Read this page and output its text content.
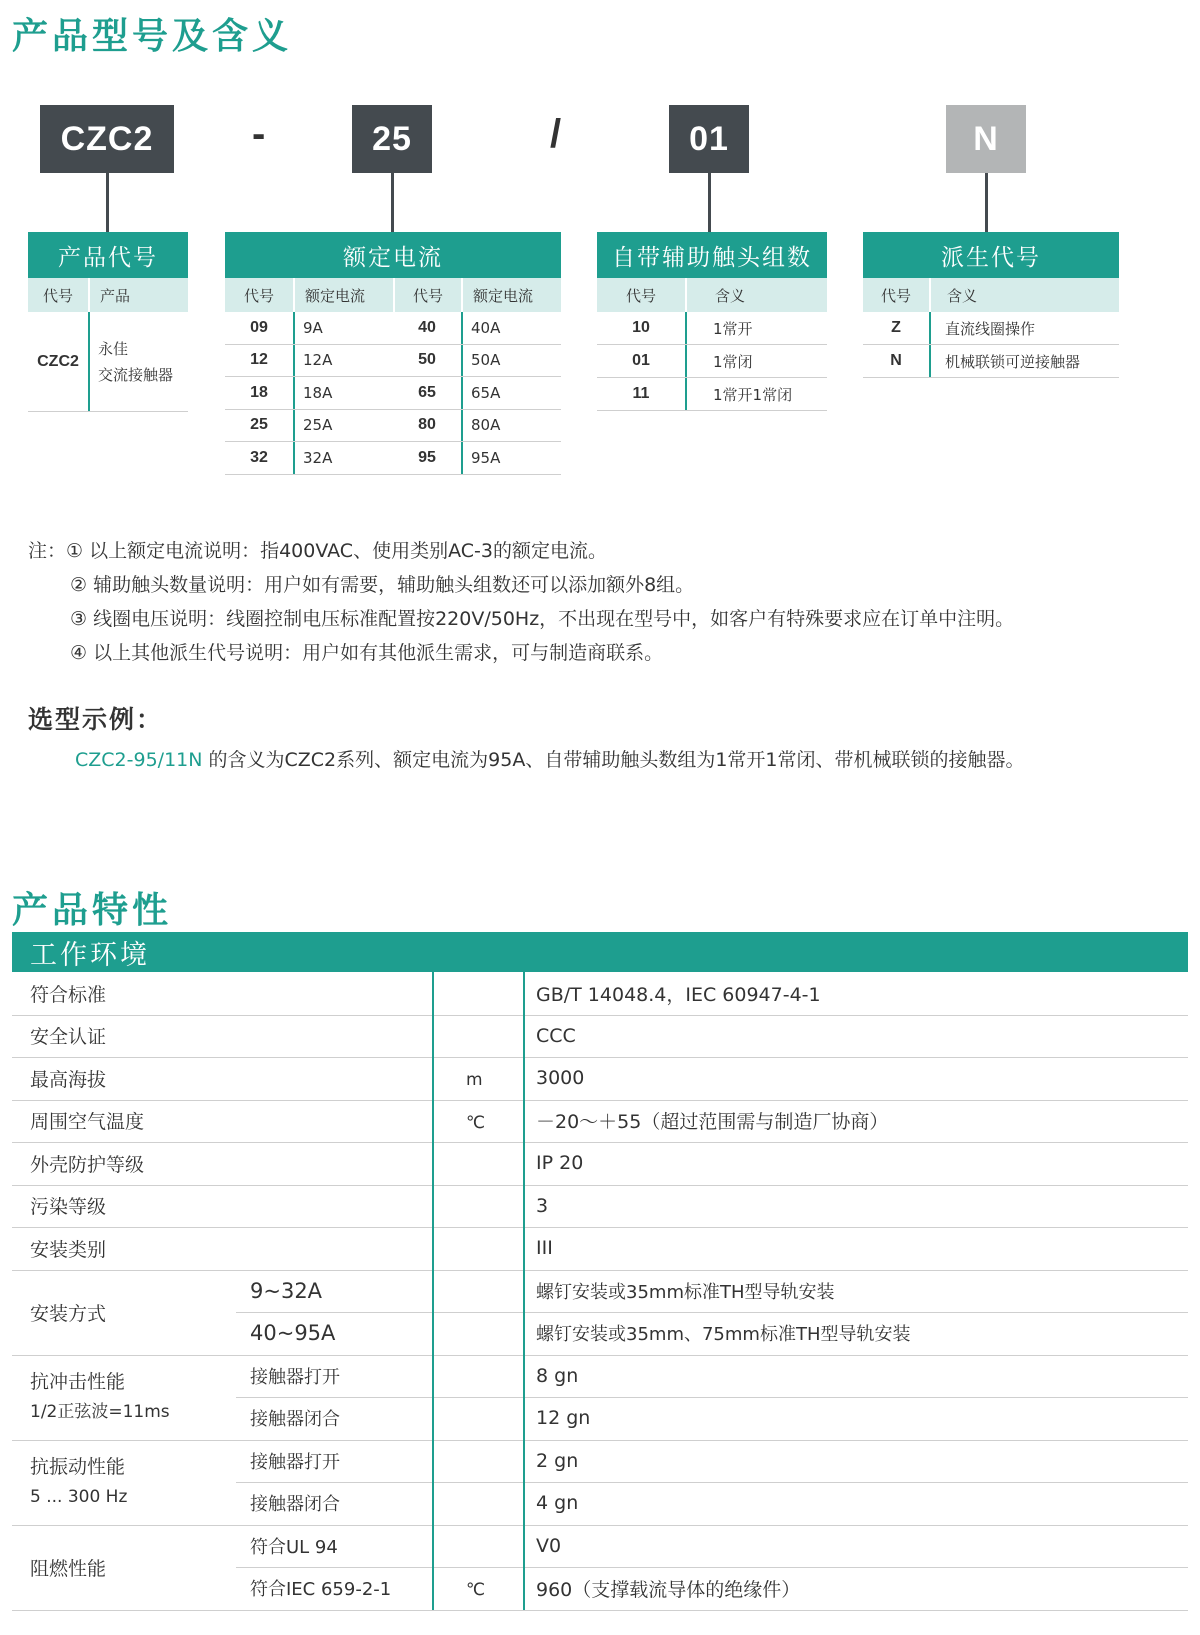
产品型号及含义
CZC2	-	25	/	01	N
产品代号
代号	产品
CZC2
永佳
交流接触器
额定电流
代号	额定电流	代号	额定电流
09	9A	40	40A
12	12A	50	50A
18	18A	65	65A
25	25A	80	80A
32	32A	95	95A
自带辅助触头组数
代号	含义
10	1常开
01	1常闭
11	1常开1常闭
派生代号
代号	含义
Z	直流线圈操作
N	机械联锁可逆接触器
注：① 以上额定电流说明：指400VAC、使用类别AC-3的额定电流。
② 辅助触头数量说明：用户如有需要，辅助触头组数还可以添加额外8组。
③ 线圈电压说明：线圈控制电压标准配置按220V/50Hz，不出现在型号中，如客户有特殊要求应在订单中注明。
④ 以上其他派生代号说明：用户如有其他派生需求，可与制造商联系。
选型示例：
CZC2-95/11N 的含义为CZC2系列、额定电流为95A、自带辅助触头数组为1常开1常闭、带机械联锁的接触器。
产品特性
工作环境
符合标准	GB/T 14048.4，IEC 60947-4-1
安全认证	CCC
最高海拔	m	3000
周围空气温度	℃	－20～＋55（超过范围需与制造厂协商）
外壳防护等级	IP 20
污染等级	3
安装类别	III
安装方式
9~32A	螺钉安装或35mm标准TH型导轨安装
40~95A	螺钉安装或35mm、75mm标准TH型导轨安装
抗冲击性能
1/2正弦波=11ms
接触器打开	8 gn
接触器闭合	12 gn
抗振动性能
5 ... 300 Hz
接触器打开	2 gn
接触器闭合	4 gn
阻燃性能
符合UL 94	V0
符合IEC 659-2-1	℃	960（支撑载流导体的绝缘件）
